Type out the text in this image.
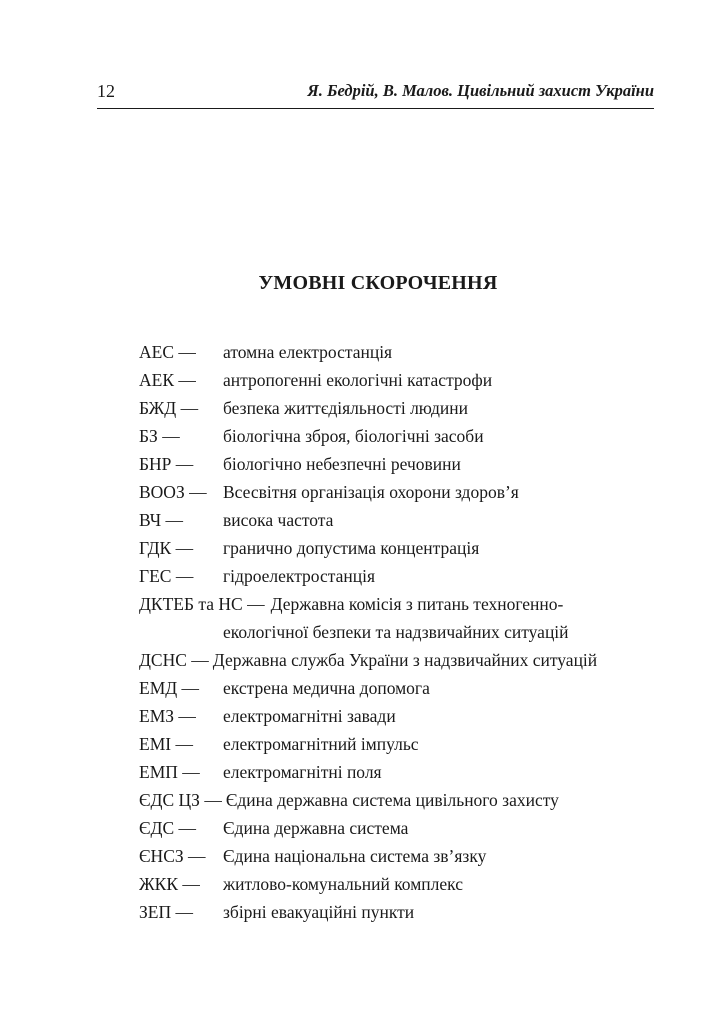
12	Я. Бедрій, В. Малов. Цивільний захист України
УМОВНІ СКОРОЧЕННЯ
АЕС — атомна електростанція
АЕК — антропогенні екологічні катастрофи
БЖД — безпека життєдіяльності людини
БЗ — біологічна зброя, біологічні засоби
БНР — біологічно небезпечні речовини
ВООЗ — Всесвітня організація охорони здоров’я
ВЧ — висока частота
ГДК — гранично допустима концентрація
ГЕС — гідроелектростанція
ДКТЕБ та НС — Державна комісія з питань техногенно-
екологічної безпеки та надзвичайних ситуацій
ДСНС — Державна служба України з надзвичайних ситуацій
ЕМД — екстрена медична допомога
ЕМЗ — електромагнітні завади
ЕМІ — електромагнітний імпульс
ЕМП — електромагнітні поля
ЄДС ЦЗ — Єдина державна система цивільного захисту
ЄДС — Єдина державна система
ЄНСЗ — Єдина національна система зв’язку
ЖКК — житлово-комунальний комплекс
ЗЕП — збірні евакуаційні пункти
